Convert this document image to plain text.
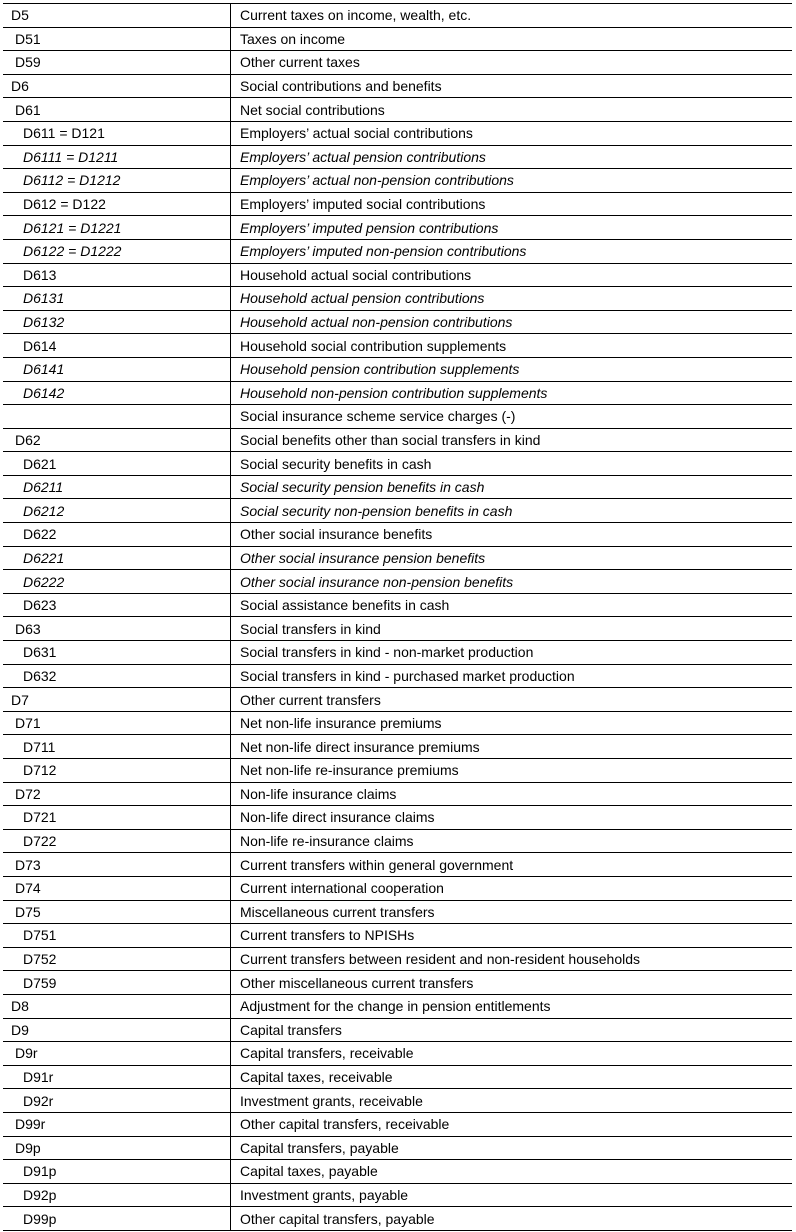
D5	Current taxes on income, wealth, etc.
D51	Taxes on income
D59	Other current taxes
D6	Social contributions and benefits
D61	Net social contributions
D611 = D121	Employers’ actual social contributions
D6111 = D1211	Employers’ actual pension contributions
D6112 = D1212	Employers’ actual non-pension contributions
D612 = D122	Employers’ imputed social contributions
D6121 = D1221	Employers’ imputed pension contributions
D6122 = D1222	Employers’ imputed non-pension contributions
D613	Household actual social contributions
D6131	Household actual pension contributions
D6132	Household actual non-pension contributions
D614	Household social contribution supplements
D6141	Household pension contribution supplements
D6142	Household non-pension contribution supplements
	Social insurance scheme service charges (-)
D62	Social benefits other than social transfers in kind
D621	Social security benefits in cash
D6211	Social security pension benefits in cash
D6212	Social security non-pension benefits in cash
D622	Other social insurance benefits
D6221	Other social insurance pension benefits
D6222	Other social insurance non-pension benefits
D623	Social assistance benefits in cash
D63	Social transfers in kind
D631	Social transfers in kind - non-market production
D632	Social transfers in kind - purchased market production
D7	Other current transfers
D71	Net non-life insurance premiums
D711	Net non-life direct insurance premiums
D712	Net non-life re-insurance premiums
D72	Non-life insurance claims
D721	Non-life direct insurance claims
D722	Non-life re-insurance claims
D73	Current transfers within general government
D74	Current international cooperation
D75	Miscellaneous current transfers
D751	Current transfers to NPISHs
D752	Current transfers between resident and non-resident households
D759	Other miscellaneous current transfers
D8	Adjustment for the change in pension entitlements
D9	Capital transfers
D9r	Capital transfers, receivable
D91r	Capital taxes, receivable
D92r	Investment grants, receivable
D99r	Other capital transfers, receivable
D9p	Capital transfers, payable
D91p	Capital taxes, payable
D92p	Investment grants, payable
D99p	Other capital transfers, payable
